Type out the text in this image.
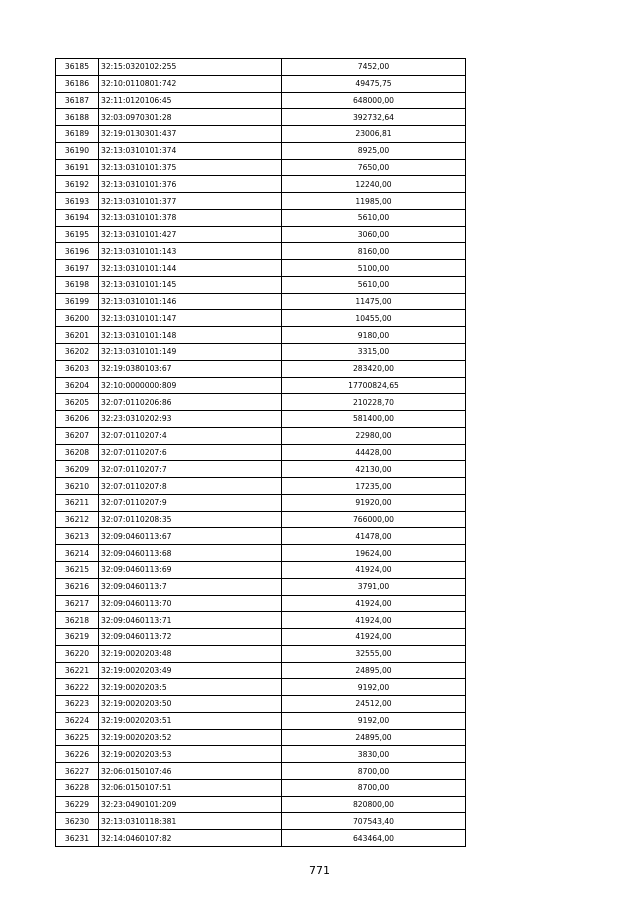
36185	32:15:0320102:255	7452,00
36186	32:10:0110801:742	49475,75
36187	32:11:0120106:45	648000,00
36188	32:03:0970301:28	392732,64
36189	32:19:0130301:437	23006,81
36190	32:13:0310101:374	8925,00
36191	32:13:0310101:375	7650,00
36192	32:13:0310101:376	12240,00
36193	32:13:0310101:377	11985,00
36194	32:13:0310101:378	5610,00
36195	32:13:0310101:427	3060,00
36196	32:13:0310101:143	8160,00
36197	32:13:0310101:144	5100,00
36198	32:13:0310101:145	5610,00
36199	32:13:0310101:146	11475,00
36200	32:13:0310101:147	10455,00
36201	32:13:0310101:148	9180,00
36202	32:13:0310101:149	3315,00
36203	32:19:0380103:67	283420,00
36204	32:10:0000000:809	17700824,65
36205	32:07:0110206:86	210228,70
36206	32:23:0310202:93	581400,00
36207	32:07:0110207:4	22980,00
36208	32:07:0110207:6	44428,00
36209	32:07:0110207:7	42130,00
36210	32:07:0110207:8	17235,00
36211	32:07:0110207:9	91920,00
36212	32:07:0110208:35	766000,00
36213	32:09:0460113:67	41478,00
36214	32:09:0460113:68	19624,00
36215	32:09:0460113:69	41924,00
36216	32:09:0460113:7	3791,00
36217	32:09:0460113:70	41924,00
36218	32:09:0460113:71	41924,00
36219	32:09:0460113:72	41924,00
36220	32:19:0020203:48	32555,00
36221	32:19:0020203:49	24895,00
36222	32:19:0020203:5	9192,00
36223	32:19:0020203:50	24512,00
36224	32:19:0020203:51	9192,00
36225	32:19:0020203:52	24895,00
36226	32:19:0020203:53	3830,00
36227	32:06:0150107:46	8700,00
36228	32:06:0150107:51	8700,00
36229	32:23:0490101:209	820800,00
36230	32:13:0310118:381	707543,40
36231	32:14:0460107:82	643464,00
771
